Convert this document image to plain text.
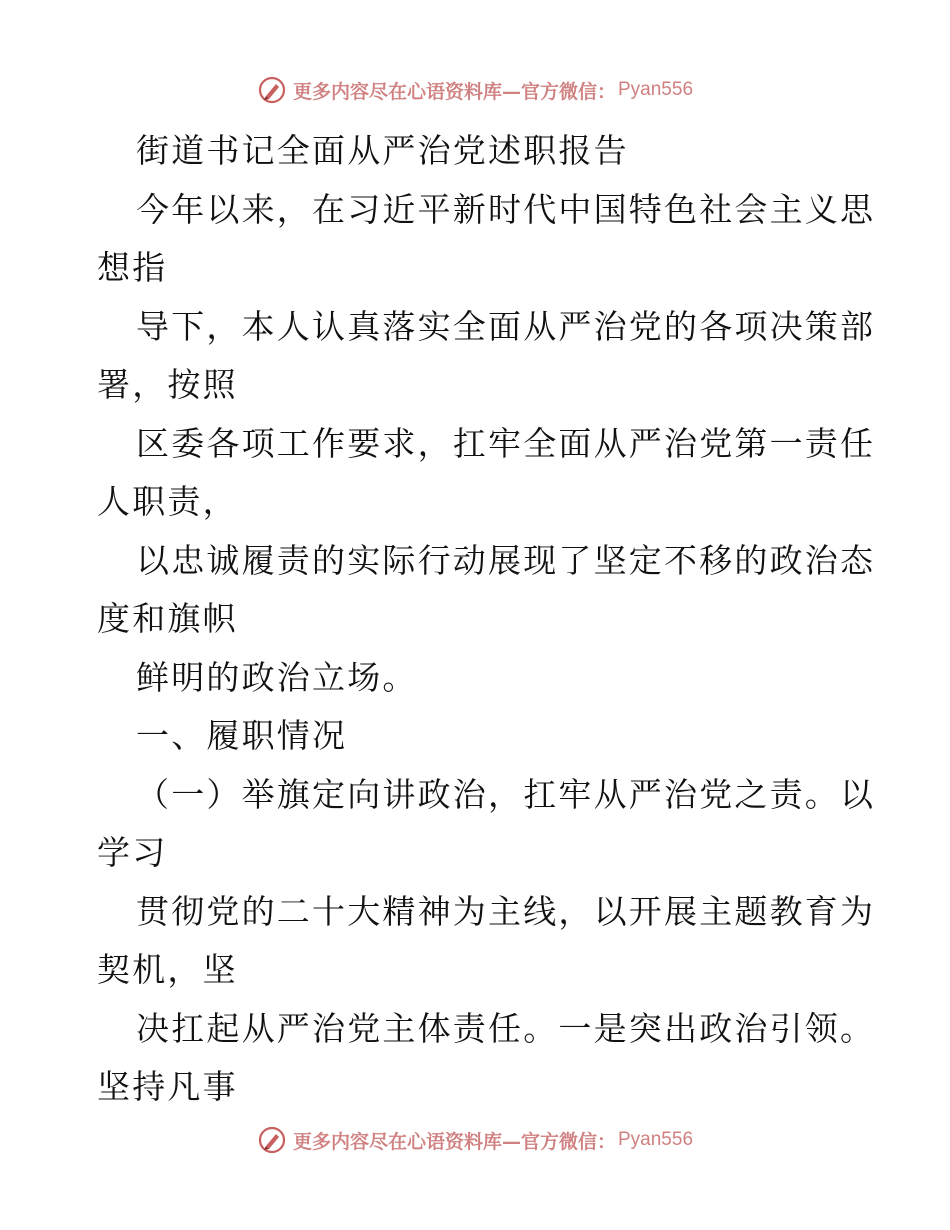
更多内容尽在心语资料库—官方微信： Pyan556
街道书记全面从严治党述职报告
今年以来，在习近平新时代中国特色社会主义思
想指
导下，本人认真落实全面从严治党的各项决策部
署，按照
区委各项工作要求，扛牢全面从严治党第一责任
人职责，
以忠诚履责的实际行动展现了坚定不移的政治态
度和旗帜
鲜明的政治立场。
一、履职情况
（一）举旗定向讲政治，扛牢从严治党之责。以
学习
贯彻党的二十大精神为主线，以开展主题教育为
契机，坚
决扛起从严治党主体责任。一是突出政治引领。
坚持凡事
更多内容尽在心语资料库—官方微信： Pyan556
